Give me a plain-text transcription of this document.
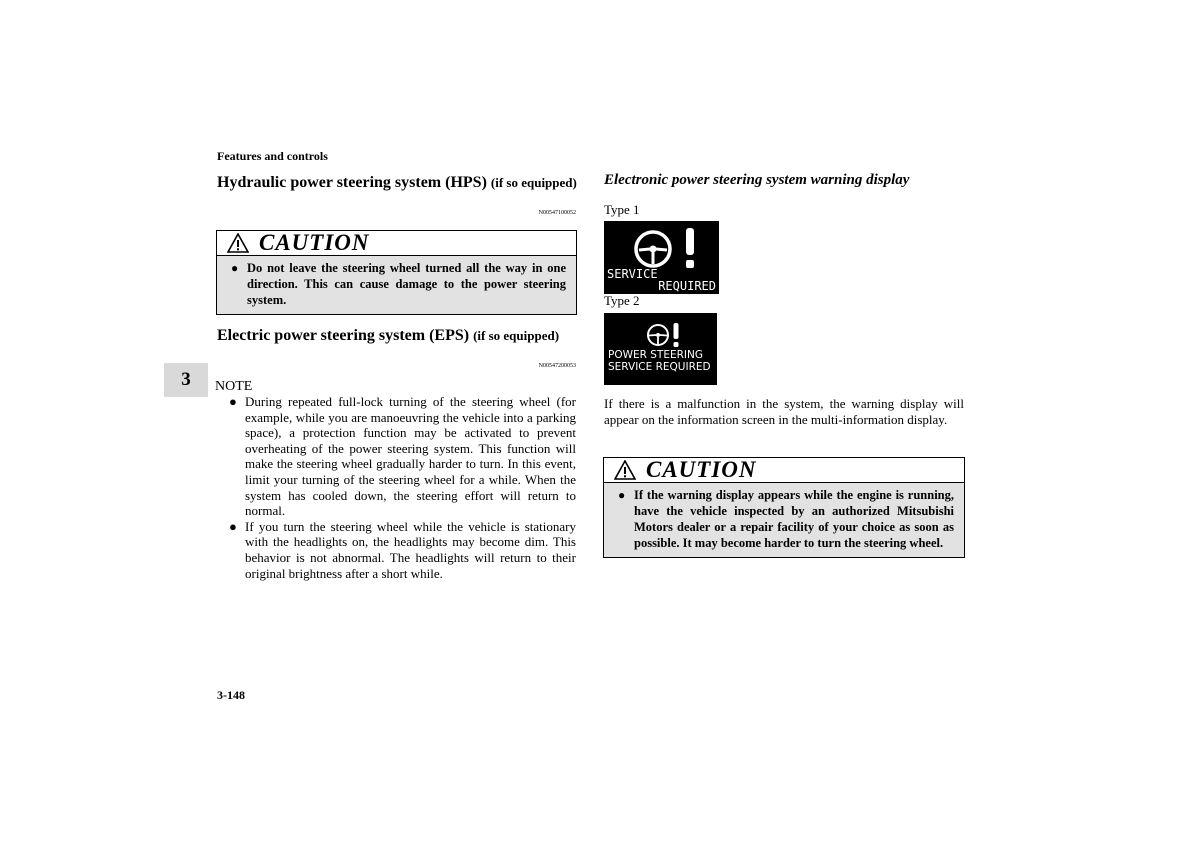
Features and controls
Hydraulic power steering system (HPS) (if so equipped)
N00547100052
CAUTION
● Do not leave the steering wheel turned all the way in one direction. This can cause damage to the power steering system.
Electric power steering system (EPS) (if so equipped)
N00547200053
3	NOTE
● During repeated full-lock turning of the steering wheel (for example, while you are manoeuvring the vehicle into a parking space), a protection function may be activated to prevent overheating of the power steering system. This function will make the steering wheel gradually harder to turn. In this event, limit your turning of the steering wheel for a while. When the system has cooled down, the steering effort will return to normal.
● If you turn the steering wheel while the vehicle is stationary with the headlights on, the headlights may become dim. This behavior is not abnormal. The headlights will return to their original brightness after a short while.
Electronic power steering system warning display
Type 1
SERVICE
REQUIRED
Type 2
POWER STEERING
SERVICE REQUIRED
If there is a malfunction in the system, the warning display will appear on the information screen in the multi-information display.
CAUTION
● If the warning display appears while the engine is running, have the vehicle inspected by an authorized Mitsubishi Motors dealer or a repair facility of your choice as soon as possible. It may become harder to turn the steering wheel.
3-148
